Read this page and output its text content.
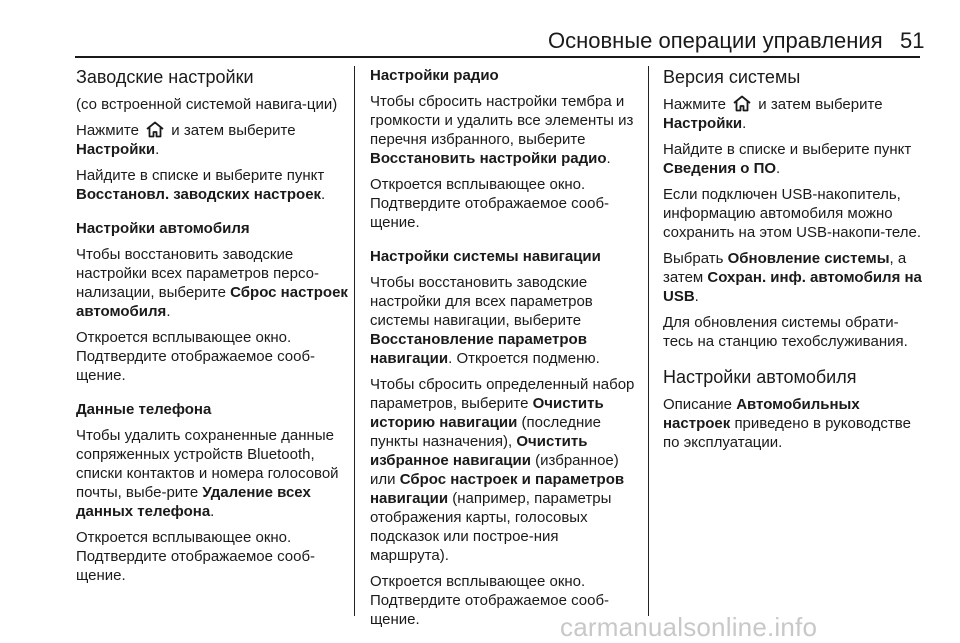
Основные операции управления 51

Заводские настройки

(со встроенной системой навига-ции)

Нажмите и затем выберите Настройки.

Найдите в списке и выберите пункт Восстановл. заводских настроек.

Настройки автомобиля

Чтобы восстановить заводские настройки всех параметров персо-нализации, выберите Сброс настроек автомобиля.

Откроется всплывающее окно. Подтвердите отображаемое сооб-щение.

Данные телефона

Чтобы удалить сохраненные данные сопряженных устройств Bluetooth, списки контактов и номера голосовой почты, выбе-рите Удаление всех данных телефона.

Откроется всплывающее окно. Подтвердите отображаемое сооб-щение.

Настройки радио

Чтобы сбросить настройки тембра и громкости и удалить все элементы из перечня избранного, выберите Восстановить настройки радио.

Откроется всплывающее окно. Подтвердите отображаемое сооб-щение.

Настройки системы навигации

Чтобы восстановить заводские настройки для всех параметров системы навигации, выберите Восстановление параметров навигации. Откроется подменю.

Чтобы сбросить определенный набор параметров, выберите Очистить историю навигации (последние пункты назначения), Очистить избранное навигации (избранное) или Сброс настроек и параметров навигации (например, параметры отображения карты, голосовых подсказок или построе-ния маршрута).

Откроется всплывающее окно. Подтвердите отображаемое сооб-щение.

Версия системы

Нажмите и затем выберите Настройки.

Найдите в списке и выберите пункт Сведения о ПО.

Если подключен USB-накопитель, информацию автомобиля можно сохранить на этом USB-накопи-теле.

Выбрать Обновление системы, а затем Сохран. инф. автомобиля на USB.

Для обновления системы обрати-тесь на станцию техобслуживания.

Настройки автомобиля

Описание Автомобильных настроек приведено в руководстве по эксплуатации.

carmanualsonline.info
